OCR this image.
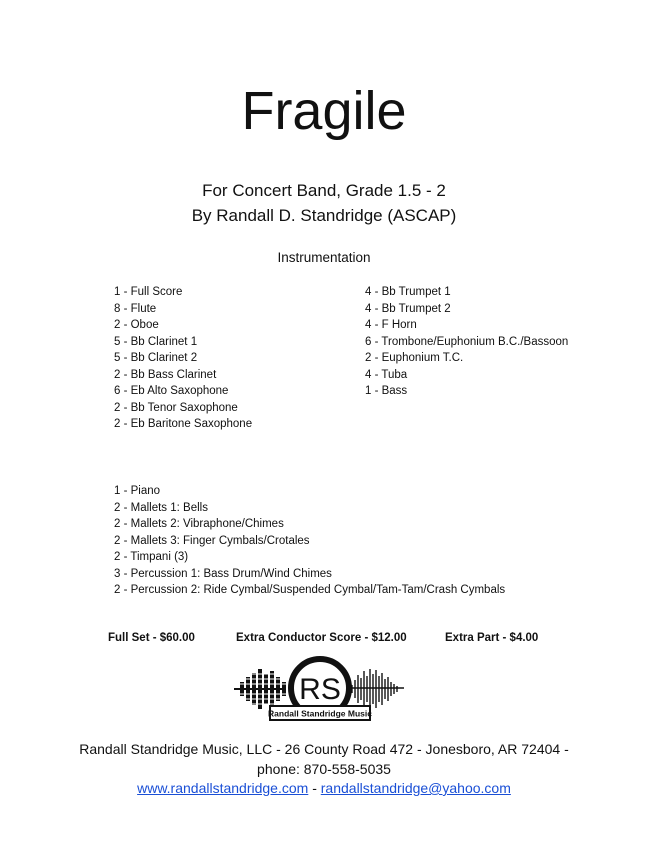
Fragile
For Concert Band, Grade 1.5 - 2
By Randall D. Standridge (ASCAP)
Instrumentation
1 - Full Score
8 - Flute
2 - Oboe
5 - Bb Clarinet 1
5 - Bb Clarinet 2
2 - Bb Bass Clarinet
6 - Eb Alto Saxophone
2 - Bb Tenor Saxophone
2 - Eb Baritone Saxophone
4 - Bb Trumpet 1
4 - Bb Trumpet 2
4 - F Horn
6 - Trombone/Euphonium B.C./Bassoon
2 - Euphonium T.C.
4 - Tuba
1 - Bass
1 - Piano
2 - Mallets 1: Bells
2 - Mallets 2: Vibraphone/Chimes
2 - Mallets 3: Finger Cymbals/Crotales
2 - Timpani (3)
3 - Percussion 1: Bass Drum/Wind Chimes
2 - Percussion 2: Ride Cymbal/Suspended Cymbal/Tam-Tam/Crash Cymbals
Full Set - $60.00	Extra Conductor Score - $12.00	Extra Part - $4.00
RS
Randall Standridge Music
Randall Standridge Music, LLC - 26 County Road 472 - Jonesboro, AR 72404 -
phone: 870-558-5035
www.randallstandridge.com - randallstandridge@yahoo.com
